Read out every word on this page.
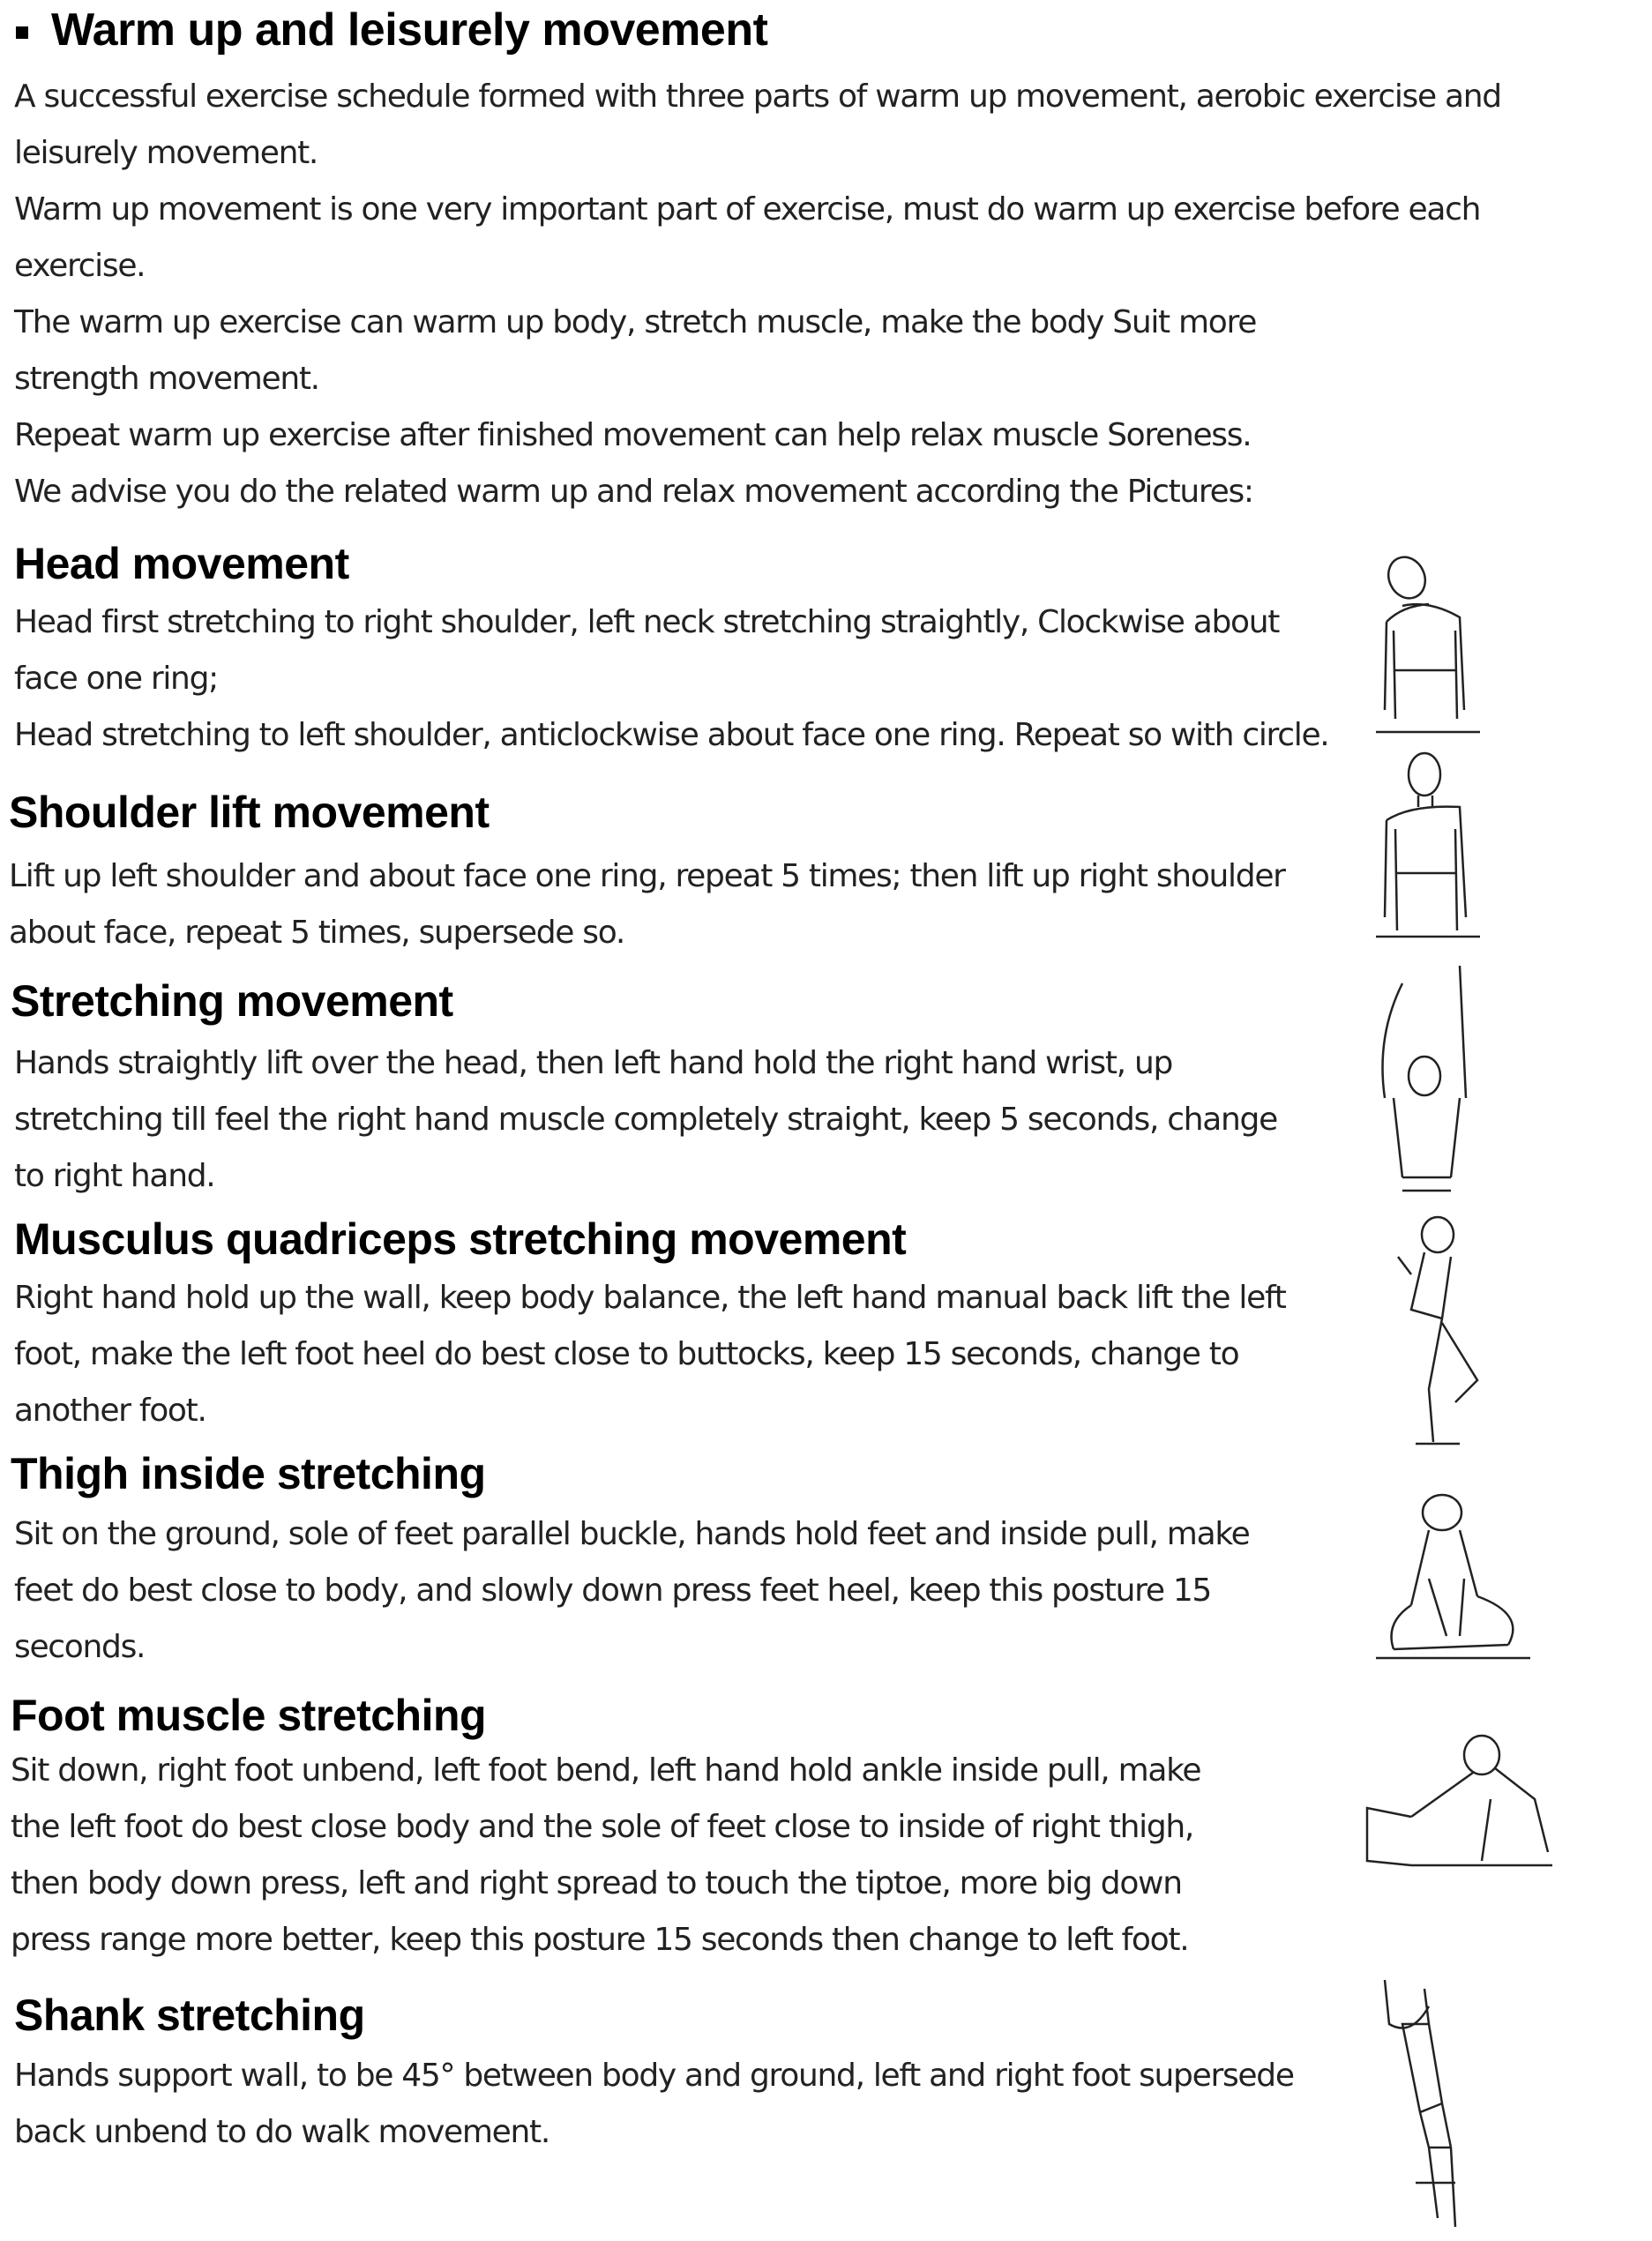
Warm up and leisurely movement
A successful exercise schedule formed with three parts of warm up movement, aerobic exercise and
leisurely movement.
Warm up movement is one very important part of exercise, must do warm up exercise before each
exercise.
The warm up exercise can warm up body, stretch muscle, make the body Suit more
strength movement.
Repeat warm up exercise after finished movement can help relax muscle Soreness.
We advise you do the related warm up and relax movement according the Pictures:
Head movement
Head first stretching to right shoulder, left neck stretching straightly, Clockwise about
face one ring;
Head stretching to left shoulder, anticlockwise about face one ring. Repeat so with circle.
Shoulder lift movement
Lift up left shoulder and about face one ring, repeat 5 times; then lift up right shoulder
about face, repeat 5 times, supersede so.
Stretching movement
Hands straightly lift over the head, then left hand hold the right hand wrist, up
stretching till feel the right hand muscle completely straight, keep 5 seconds, change
to right hand.
Musculus quadriceps stretching movement
Right hand hold up the wall, keep body balance, the left hand manual back lift the left
foot, make the left foot heel do best close to buttocks, keep 15 seconds, change to
another foot.
Thigh inside stretching
Sit on the ground, sole of feet parallel buckle, hands hold feet and inside pull, make
feet do best close to body, and slowly down press feet heel, keep this posture 15
seconds.
Foot muscle stretching
Sit down, right foot unbend, left foot bend, left hand hold ankle inside pull, make
the left foot do best close body and the sole of feet close to inside of right thigh,
then body down press, left and right spread to touch the tiptoe, more big down
press range more better, keep this posture 15 seconds then change to left foot.
Shank stretching
Hands support wall, to be 45° between body and ground, left and right foot supersede
back unbend to do walk movement.
